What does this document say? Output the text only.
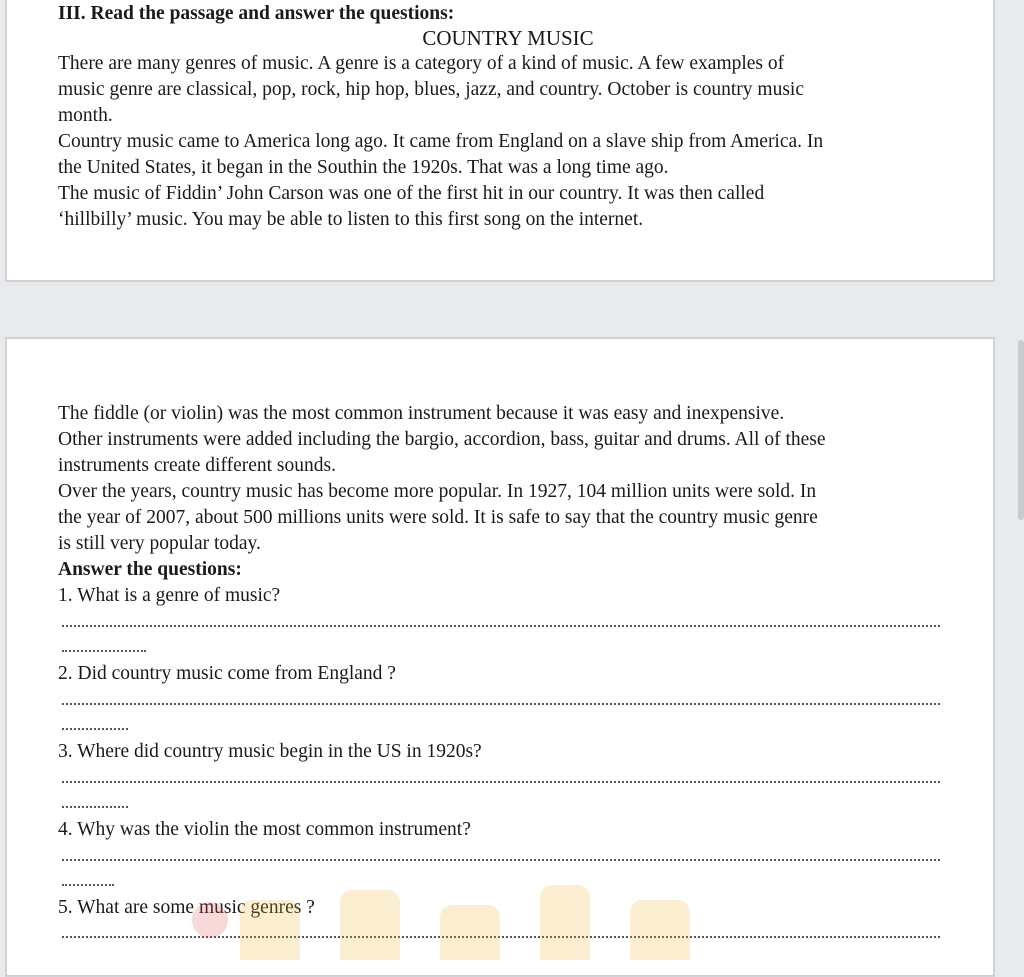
III. Read the passage and answer the questions:

COUNTRY MUSIC

There are many genres of music. A genre is a category of a kind of music. A few examples of

music genre are classical, pop, rock, hip hop, blues, jazz, and country. October is country music

month.

Country music came to America long ago. It came from England on a slave ship from America. In

the United States, it began in the Southin the 1920s. That was a long time ago.

The music of Fiddin’ John Carson was one of the first hit in our country. It was then called

‘hillbilly’ music. You may be able to listen to this first song on the internet.

The fiddle (or violin) was the most common instrument because it was easy and inexpensive.

Other instruments were added including the bargio, accordion, bass, guitar and drums. All of these

instruments create different sounds.

Over the years, country music has become more popular. In 1927, 104 million units were sold. In

the year of 2007, about 500 millions units were sold. It is safe to say that the country music genre

is still very popular today.

Answer the questions:

1. What is a genre of music?

2. Did country music come from England ?

3. Where did country music begin in the US in 1920s?

4. Why was the violin the most common instrument?

5. What are some music genres ?
